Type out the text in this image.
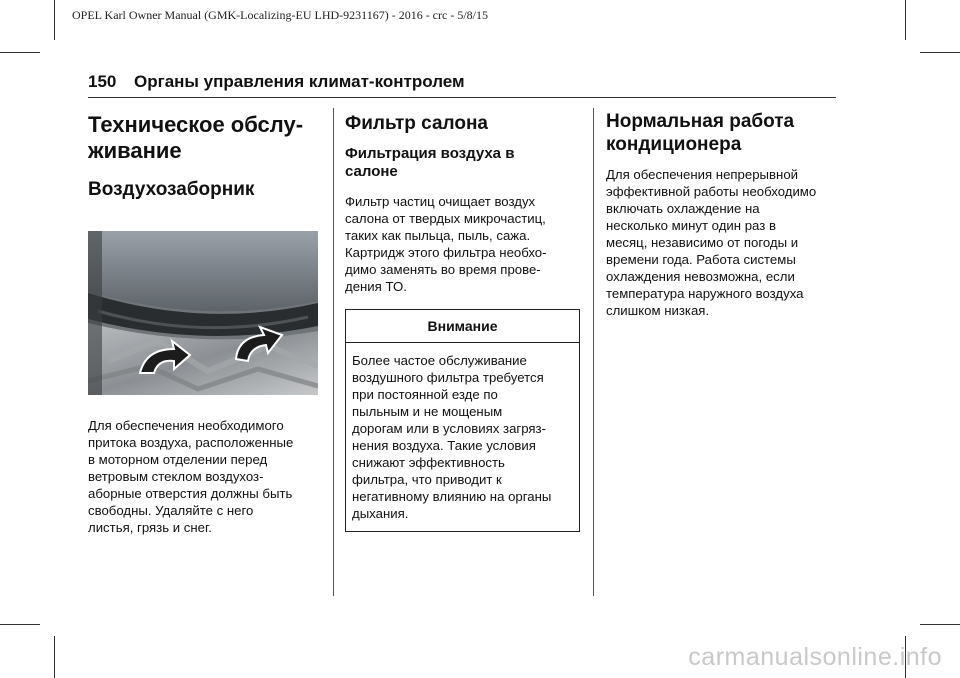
OPEL Karl Owner Manual (GMK-Localizing-EU LHD-9231167) - 2016 - crc - 5/8/15
150 Органы управления климат-контролем
Техническое обслу-
живание
Воздухозаборник

Для обеспечения необходимого
притока воздуха, расположенные
в моторном отделении перед
ветровым стеклом воздухоз-
аборные отверстия должны быть
свободны. Удаляйте с него
листья, грязь и снег.

Фильтр салона
Фильтрация воздуха в
салоне

Фильтр частиц очищает воздух
салона от твердых микрочастиц,
таких как пыльца, пыль, сажа.
Картридж этого фильтра необхо-
димо заменять во время прове-
дения ТО.

Внимание

Более частое обслуживание
воздушного фильтра требуется
при постоянной езде по
пыльным и не мощеным
дорогам или в условиях загряз-
нения воздуха. Такие условия
снижают эффективность
фильтра, что приводит к
негативному влиянию на органы
дыхания.

Нормальная работа
кондиционера

Для обеспечения непрерывной
эффективной работы необходимо
включать охлаждение на
несколько минут один раз в
месяц, независимо от погоды и
времени года. Работа системы
охлаждения невозможна, если
температура наружного воздуха
слишком низкая.

carmanualsonline.info
